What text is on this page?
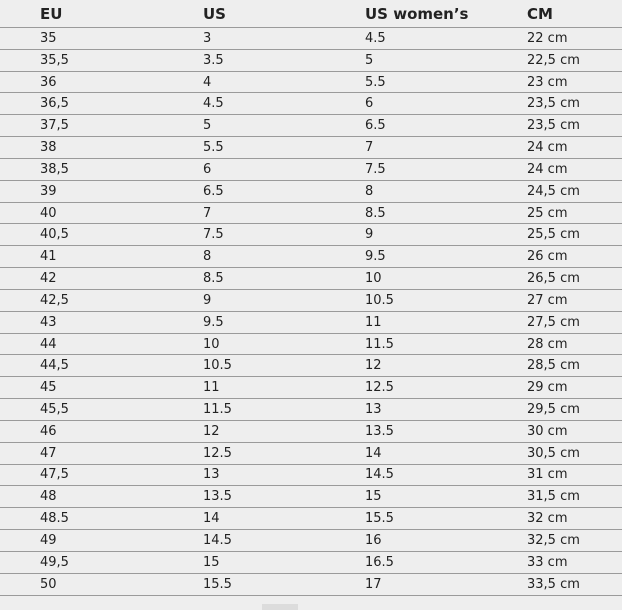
EU	US	US women’s	CM
35	3	4.5	22 cm
35,5	3.5	5	22,5 cm
36	4	5.5	23 cm
36,5	4.5	6	23,5 cm
37,5	5	6.5	23,5 cm
38	5.5	7	24 cm
38,5	6	7.5	24 cm
39	6.5	8	24,5 cm
40	7	8.5	25 cm
40,5	7.5	9	25,5 cm
41	8	9.5	26 cm
42	8.5	10	26,5 cm
42,5	9	10.5	27 cm
43	9.5	11	27,5 cm
44	10	11.5	28 cm
44,5	10.5	12	28,5 cm
45	11	12.5	29 cm
45,5	11.5	13	29,5 cm
46	12	13.5	30 cm
47	12.5	14	30,5 cm
47,5	13	14.5	31 cm
48	13.5	15	31,5 cm
48.5	14	15.5	32 cm
49	14.5	16	32,5 cm
49,5	15	16.5	33 cm
50	15.5	17	33,5 cm
